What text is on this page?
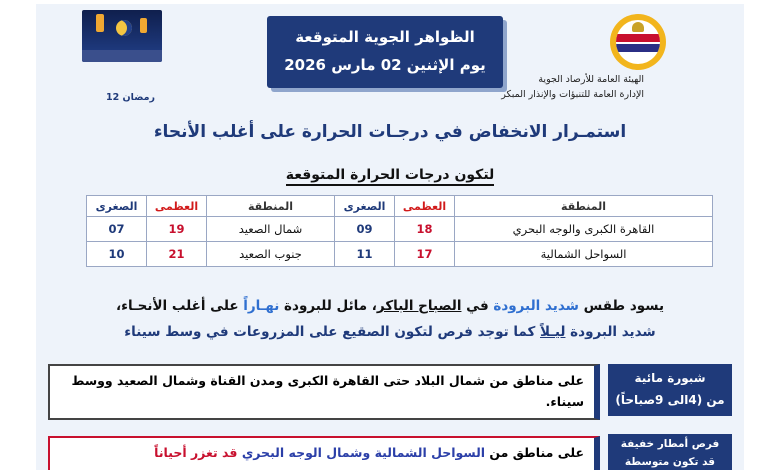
الهيئة العامة للأرصاد الجوية
الإدارة العامة للتنبؤات والإنذار المبكر
الظواهر الجوية المتوقعة
يوم الإثنين 02 مارس 2026
12 رمضان
استمـرار الانخفاض في درجـات الحرارة على أغلب الأنحاء
لتكون درجات الحرارة المتوقعة
الصغرى	العظمى	المنطقة	الصغرى	العظمى	المنطقة
07	19	شمال الصعيد	09	18	القاهرة الكبرى والوجه البحري
10	21	جنوب الصعيد	11	17	السواحل الشمالية
يسود طقس شديد البرودة في الصباح الباكر، مائل للبرودة نهـاراً على أغلب الأنحـاء،
شديد البرودة ليـلاً كما توجد فرص لتكون الصقيع على المزروعات في وسط سيناء
شبورة مائية
من (4الى 9صباحاً)
على مناطق من شمال البلاد حتى القاهرة الكبرى ومدن القناة وشمال الصعيد ووسط سيناء.
فرص أمطار خفيفة
قد تكون متوسطة
على مناطق من السواحل الشمالية وشمال الوجه البحري قد تغزر أحياناً
